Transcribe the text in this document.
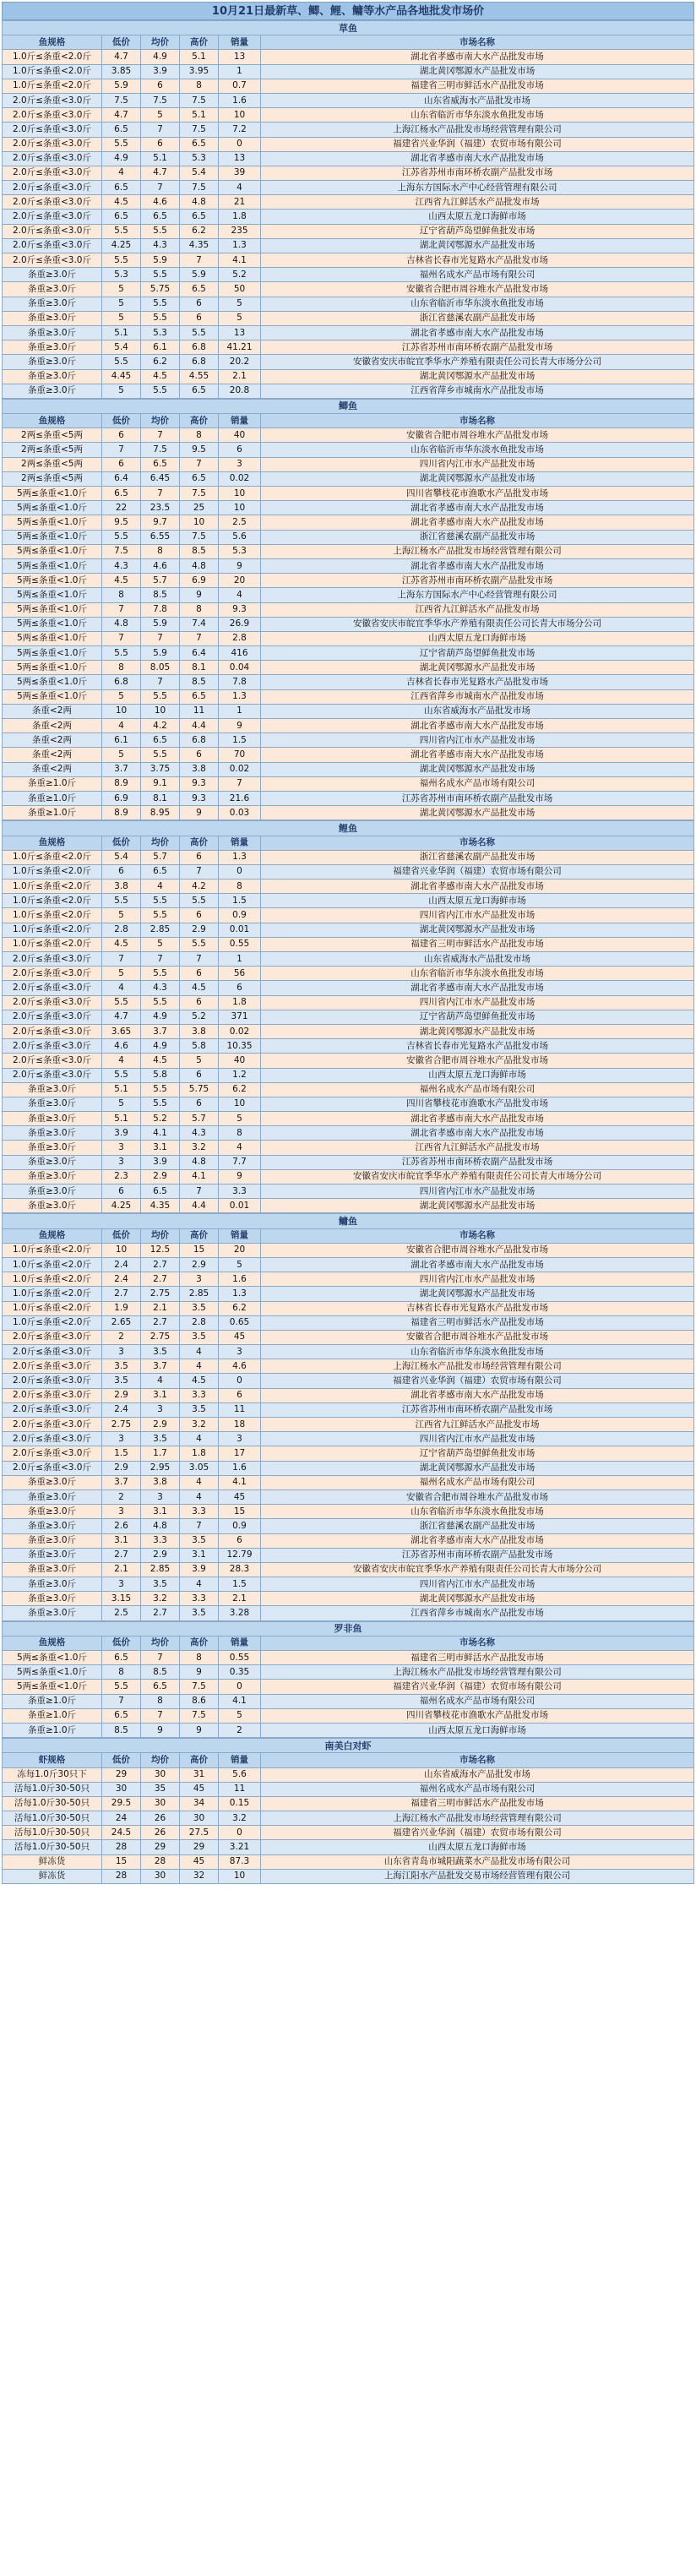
10月21日最新草、鲫、鲤、鳙等水产品各地批发市场价
草鱼					
鱼规格	低价	均价	高价	销量	市场名称
1.0斤≤条重<2.0斤	4.7	4.9	5.1	13	湖北省孝感市南大水产品批发市场
1.0斤≤条重<2.0斤	3.85	3.9	3.95	1	湖北黄冈鄂源水产品批发市场
1.0斤≤条重<2.0斤	5.9	6	8	0.7	福建省三明市鲜活水产品批发市场
2.0斤≤条重<3.0斤	7.5	7.5	7.5	1.6	山东省威海水产品批发市场
2.0斤≤条重<3.0斤	4.7	5	5.1	10	山东省临沂市华东淡水鱼批发市场
2.0斤≤条重<3.0斤	6.5	7	7.5	7.2	上海江杨水产品批发市场经营管理有限公司
2.0斤≤条重<3.0斤	5.5	6	6.5	0	福建省兴业华润（福建）农贸市场有限公司
2.0斤≤条重<3.0斤	4.9	5.1	5.3	13	湖北省孝感市南大水产品批发市场
2.0斤≤条重<3.0斤	4	4.7	5.4	39	江苏省苏州市南环桥农副产品批发市场
2.0斤≤条重<3.0斤	6.5	7	7.5	4	上海东方国际水产中心经营管理有限公司
2.0斤≤条重<3.0斤	4.5	4.6	4.8	21	江西省九江鲜活水产品批发市场
2.0斤≤条重<3.0斤	6.5	6.5	6.5	1.8	山西太原五龙口海鲜市场
2.0斤≤条重<3.0斤	5.5	5.5	6.2	235	辽宁省葫芦岛望鲜鱼批发市场
2.0斤≤条重<3.0斤	4.25	4.3	4.35	1.3	湖北黄冈鄂源水产品批发市场
2.0斤≤条重<3.0斤	5.5	5.9	7	4.1	吉林省长春市光复路水产品批发市场
条重≥3.0斤	5.3	5.5	5.9	5.2	福州名成水产品市场有限公司
条重≥3.0斤	5	5.75	6.5	50	安徽省合肥市周谷堆水产品批发市场
条重≥3.0斤	5	5.5	6	5	山东省临沂市华东淡水鱼批发市场
条重≥3.0斤	5	5.5	6	5	浙江省慈溪农副产品批发市场
条重≥3.0斤	5.1	5.3	5.5	13	湖北省孝感市南大水产品批发市场
条重≥3.0斤	5.4	6.1	6.8	41.21	江苏省苏州市南环桥农副产品批发市场
条重≥3.0斤	5.5	6.2	6.8	20.2	安徽省安庆市皖宜季华水产养殖有限责任公司长青大市场分公司
条重≥3.0斤	4.45	4.5	4.55	2.1	湖北黄冈鄂源水产品批发市场
条重≥3.0斤	5	5.5	6.5	20.8	江西省萍乡市城南水产品批发市场
鲫鱼					
鱼规格	低价	均价	高价	销量	市场名称
2两≤条重<5两	6	7	8	40	安徽省合肥市周谷堆水产品批发市场
2两≤条重<5两	7	7.5	9.5	6	山东省临沂市华东淡水鱼批发市场
2两≤条重<5两	6	6.5	7	3	四川省内江市水产品批发市场
2两≤条重<5两	6.4	6.45	6.5	0.02	湖北黄冈鄂源水产品批发市场
5两≤条重<1.0斤	6.5	7	7.5	10	四川省攀枝花市渔歌水产品批发市场
5两≤条重<1.0斤	22	23.5	25	10	湖北省孝感市南大水产品批发市场
5两≤条重<1.0斤	9.5	9.7	10	2.5	湖北省孝感市南大水产品批发市场
5两≤条重<1.0斤	5.5	6.55	7.5	5.6	浙江省慈溪农副产品批发市场
5两≤条重<1.0斤	7.5	8	8.5	5.3	上海江杨水产品批发市场经营管理有限公司
5两≤条重<1.0斤	4.3	4.6	4.8	9	湖北省孝感市南大水产品批发市场
5两≤条重<1.0斤	4.5	5.7	6.9	20	江苏省苏州市南环桥农副产品批发市场
5两≤条重<1.0斤	8	8.5	9	4	上海东方国际水产中心经营管理有限公司
5两≤条重<1.0斤	7	7.8	8	9.3	江西省九江鲜活水产品批发市场
5两≤条重<1.0斤	4.8	5.9	7.4	26.9	安徽省安庆市皖宜季华水产养殖有限责任公司长青大市场分公司
5两≤条重<1.0斤	7	7	7	2.8	山西太原五龙口海鲜市场
5两≤条重<1.0斤	5.5	5.9	6.4	416	辽宁省葫芦岛望鲜鱼批发市场
5两≤条重<1.0斤	8	8.05	8.1	0.04	湖北黄冈鄂源水产品批发市场
5两≤条重<1.0斤	6.8	7	8.5	7.8	吉林省长春市光复路水产品批发市场
5两≤条重<1.0斤	5	5.5	6.5	1.3	江西省萍乡市城南水产品批发市场
条重<2两	10	10	11	1	山东省威海水产品批发市场
条重<2两	4	4.2	4.4	9	湖北省孝感市南大水产品批发市场
条重<2两	6.1	6.5	6.8	1.5	四川省内江市水产品批发市场
条重<2两	5	5.5	6	70	湖北省孝感市南大水产品批发市场
条重<2两	3.7	3.75	3.8	0.02	湖北黄冈鄂源水产品批发市场
条重≥1.0斤	8.9	9.1	9.3	7	福州名成水产品市场有限公司
条重≥1.0斤	6.9	8.1	9.3	21.6	江苏省苏州市南环桥农副产品批发市场
条重≥1.0斤	8.9	8.95	9	0.03	湖北黄冈鄂源水产品批发市场
鲤鱼					
鱼规格	低价	均价	高价	销量	市场名称
1.0斤≤条重<2.0斤	5.4	5.7	6	1.3	浙江省慈溪农副产品批发市场
1.0斤≤条重<2.0斤	6	6.5	7	0	福建省兴业华润（福建）农贸市场有限公司
1.0斤≤条重<2.0斤	3.8	4	4.2	8	湖北省孝感市南大水产品批发市场
1.0斤≤条重<2.0斤	5.5	5.5	5.5	1.5	山西太原五龙口海鲜市场
1.0斤≤条重<2.0斤	5	5.5	6	0.9	四川省内江市水产品批发市场
1.0斤≤条重<2.0斤	2.8	2.85	2.9	0.01	湖北黄冈鄂源水产品批发市场
1.0斤≤条重<2.0斤	4.5	5	5.5	0.55	福建省三明市鲜活水产品批发市场
2.0斤≤条重<3.0斤	7	7	7	1	山东省威海水产品批发市场
2.0斤≤条重<3.0斤	5	5.5	6	56	山东省临沂市华东淡水鱼批发市场
2.0斤≤条重<3.0斤	4	4.3	4.5	6	湖北省孝感市南大水产品批发市场
2.0斤≤条重<3.0斤	5.5	5.5	6	1.8	四川省内江市水产品批发市场
2.0斤≤条重<3.0斤	4.7	4.9	5.2	371	辽宁省葫芦岛望鲜鱼批发市场
2.0斤≤条重<3.0斤	3.65	3.7	3.8	0.02	湖北黄冈鄂源水产品批发市场
2.0斤≤条重<3.0斤	4.6	4.9	5.8	10.35	吉林省长春市光复路水产品批发市场
2.0斤≤条重<3.0斤	4	4.5	5	40	安徽省合肥市周谷堆水产品批发市场
2.0斤≤条重<3.0斤	5.5	5.8	6	1.2	山西太原五龙口海鲜市场
条重≥3.0斤	5.1	5.5	5.75	6.2	福州名成水产品市场有限公司
条重≥3.0斤	5	5.5	6	10	四川省攀枝花市渔歌水产品批发市场
条重≥3.0斤	5.1	5.2	5.7	5	湖北省孝感市南大水产品批发市场
条重≥3.0斤	3.9	4.1	4.3	8	湖北省孝感市南大水产品批发市场
条重≥3.0斤	3	3.1	3.2	4	江西省九江鲜活水产品批发市场
条重≥3.0斤	3	3.9	4.8	7.7	江苏省苏州市南环桥农副产品批发市场
条重≥3.0斤	2.3	2.9	4.1	9	安徽省安庆市皖宜季华水产养殖有限责任公司长青大市场分公司
条重≥3.0斤	6	6.5	7	3.3	四川省内江市水产品批发市场
条重≥3.0斤	4.25	4.35	4.4	0.01	湖北黄冈鄂源水产品批发市场
鳙鱼					
鱼规格	低价	均价	高价	销量	市场名称
1.0斤≤条重<2.0斤	10	12.5	15	20	安徽省合肥市周谷堆水产品批发市场
1.0斤≤条重<2.0斤	2.4	2.7	2.9	5	湖北省孝感市南大水产品批发市场
1.0斤≤条重<2.0斤	2.4	2.7	3	1.6	四川省内江市水产品批发市场
1.0斤≤条重<2.0斤	2.7	2.75	2.85	1.3	湖北黄冈鄂源水产品批发市场
1.0斤≤条重<2.0斤	1.9	2.1	3.5	6.2	吉林省长春市光复路水产品批发市场
1.0斤≤条重<2.0斤	2.65	2.7	2.8	0.65	福建省三明市鲜活水产品批发市场
2.0斤≤条重<3.0斤	2	2.75	3.5	45	安徽省合肥市周谷堆水产品批发市场
2.0斤≤条重<3.0斤	3	3.5	4	3	山东省临沂市华东淡水鱼批发市场
2.0斤≤条重<3.0斤	3.5	3.7	4	4.6	上海江杨水产品批发市场经营管理有限公司
2.0斤≤条重<3.0斤	3.5	4	4.5	0	福建省兴业华润（福建）农贸市场有限公司
2.0斤≤条重<3.0斤	2.9	3.1	3.3	6	湖北省孝感市南大水产品批发市场
2.0斤≤条重<3.0斤	2.4	3	3.5	11	江苏省苏州市南环桥农副产品批发市场
2.0斤≤条重<3.0斤	2.75	2.9	3.2	18	江西省九江鲜活水产品批发市场
2.0斤≤条重<3.0斤	3	3.5	4	3	四川省内江市水产品批发市场
2.0斤≤条重<3.0斤	1.5	1.7	1.8	17	辽宁省葫芦岛望鲜鱼批发市场
2.0斤≤条重<3.0斤	2.9	2.95	3.05	1.6	湖北黄冈鄂源水产品批发市场
条重≥3.0斤	3.7	3.8	4	4.1	福州名成水产品市场有限公司
条重≥3.0斤	2	3	4	45	安徽省合肥市周谷堆水产品批发市场
条重≥3.0斤	3	3.1	3.3	15	山东省临沂市华东淡水鱼批发市场
条重≥3.0斤	2.6	4.8	7	0.9	浙江省慈溪农副产品批发市场
条重≥3.0斤	3.1	3.3	3.5	6	湖北省孝感市南大水产品批发市场
条重≥3.0斤	2.7	2.9	3.1	12.79	江苏省苏州市南环桥农副产品批发市场
条重≥3.0斤	2.1	2.85	3.9	28.3	安徽省安庆市皖宜季华水产养殖有限责任公司长青大市场分公司
条重≥3.0斤	3	3.5	4	1.5	四川省内江市水产品批发市场
条重≥3.0斤	3.15	3.2	3.3	2.1	湖北黄冈鄂源水产品批发市场
条重≥3.0斤	2.5	2.7	3.5	3.28	江西省萍乡市城南水产品批发市场
罗非鱼					
鱼规格	低价	均价	高价	销量	市场名称
5两≤条重<1.0斤	6.5	7	8	0.55	福建省三明市鲜活水产品批发市场
5两≤条重<1.0斤	8	8.5	9	0.35	上海江杨水产品批发市场经营管理有限公司
5两≤条重<1.0斤	5.5	6.5	7.5	0	福建省兴业华润（福建）农贸市场有限公司
条重≥1.0斤	7	8	8.6	4.1	福州名成水产品市场有限公司
条重≥1.0斤	6.5	7	7.5	5	四川省攀枝花市渔歌水产品批发市场
条重≥1.0斤	8.5	9	9	2	山西太原五龙口海鲜市场
南美白对虾					
虾规格	低价	均价	高价	销量	市场名称
冻每1.0斤30只下	29	30	31	5.6	山东省威海水产品批发市场
活每1.0斤30-50只	30	35	45	11	福州名成水产品市场有限公司
活每1.0斤30-50只	29.5	30	34	0.15	福建省三明市鲜活水产品批发市场
活每1.0斤30-50只	24	26	30	3.2	上海江杨水产品批发市场经营管理有限公司
活每1.0斤30-50只	24.5	26	27.5	0	福建省兴业华润（福建）农贸市场有限公司
活每1.0斤30-50只	28	29	29	3.21	山西太原五龙口海鲜市场
鲜冻货	15	28	45	87.3	山东省青岛市城阳蔬菜水产品批发市场有限公司
鲜冻货	28	30	32	10	上海江阳水产品批发交易市场经营管理有限公司
